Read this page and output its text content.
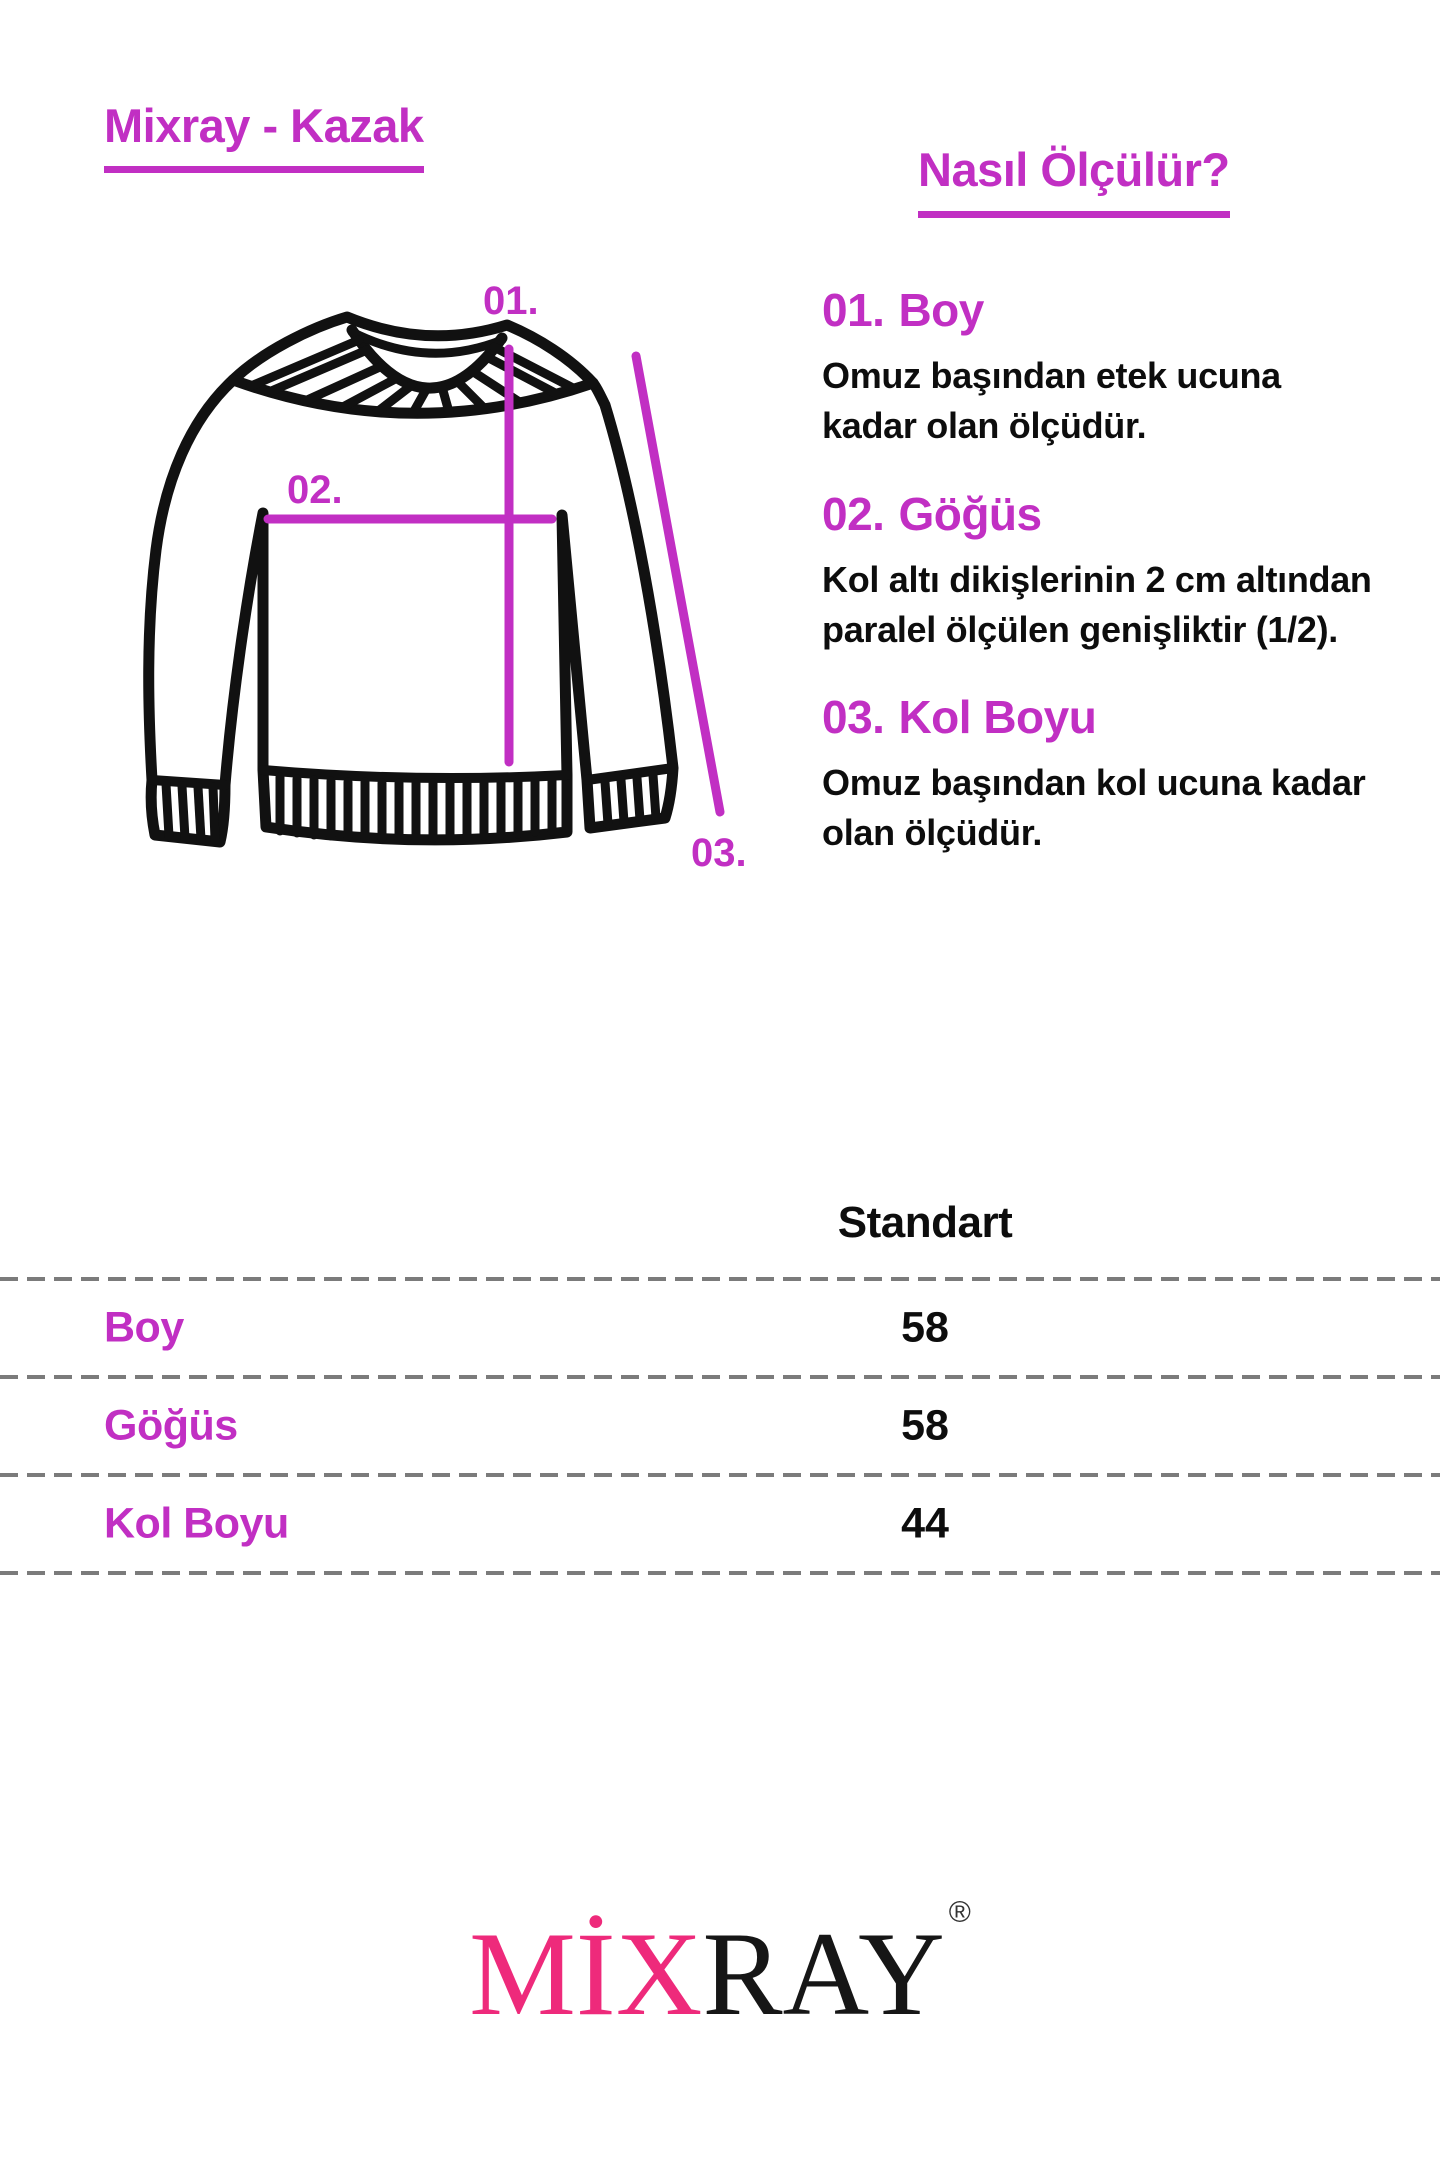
Mixray - Kazak
01.
02.
03.
Nasıl Ölçülür?
01. Boy

Omuz başından etek ucuna
kadar olan ölçüdür.

02. Göğüs

Kol altı dikişlerinin 2 cm altından
paralel ölçülen genişliktir (1/2).

03. Kol Boyu

Omuz başından kol ucuna kadar
olan ölçüdür.

Standart
Boy	58
Göğüs	58
Kol Boyu	44
MİXRAY ®
